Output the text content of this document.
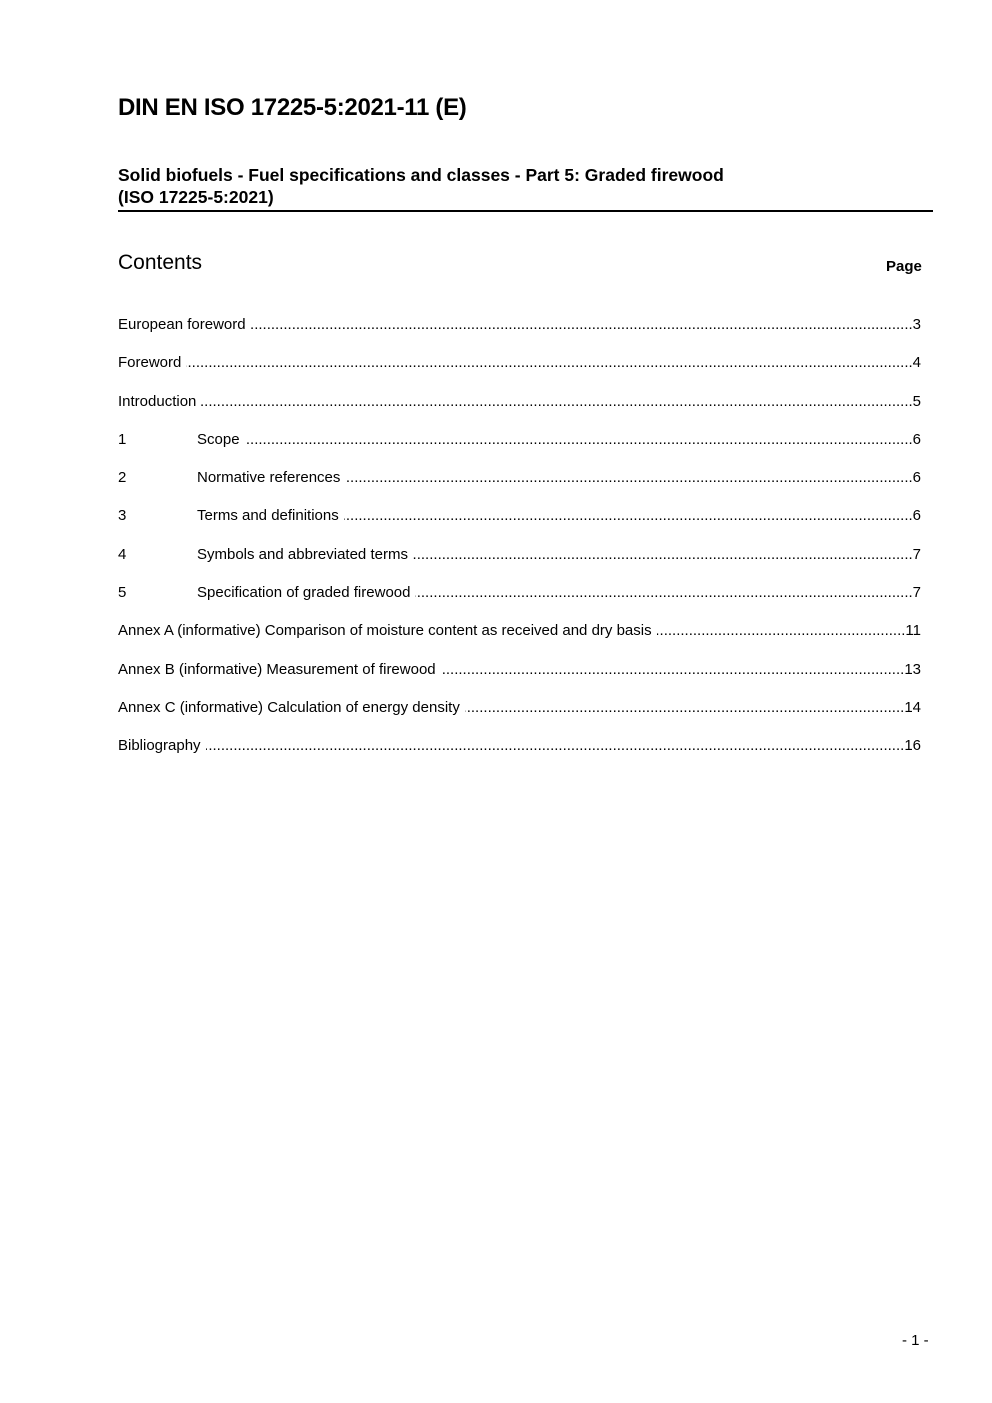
DIN EN ISO 17225-5:2021-11 (E)
Solid biofuels - Fuel specifications and classes - Part 5: Graded firewood
(ISO 17225-5:2021)
Contents	Page
European foreword .....	3
Foreword .....	4
Introduction .....	5
1	Scope .....	6
2	Normative references .....	6
3	Terms and definitions .....	6
4	Symbols and abbreviated terms .....	7
5	Specification of graded firewood .....	7
Annex A (informative) Comparison of moisture content as received and dry basis .....	11
Annex B (informative) Measurement of firewood .....	13
Annex C (informative) Calculation of energy density .....	14
Bibliography .....	16
- 1 -
